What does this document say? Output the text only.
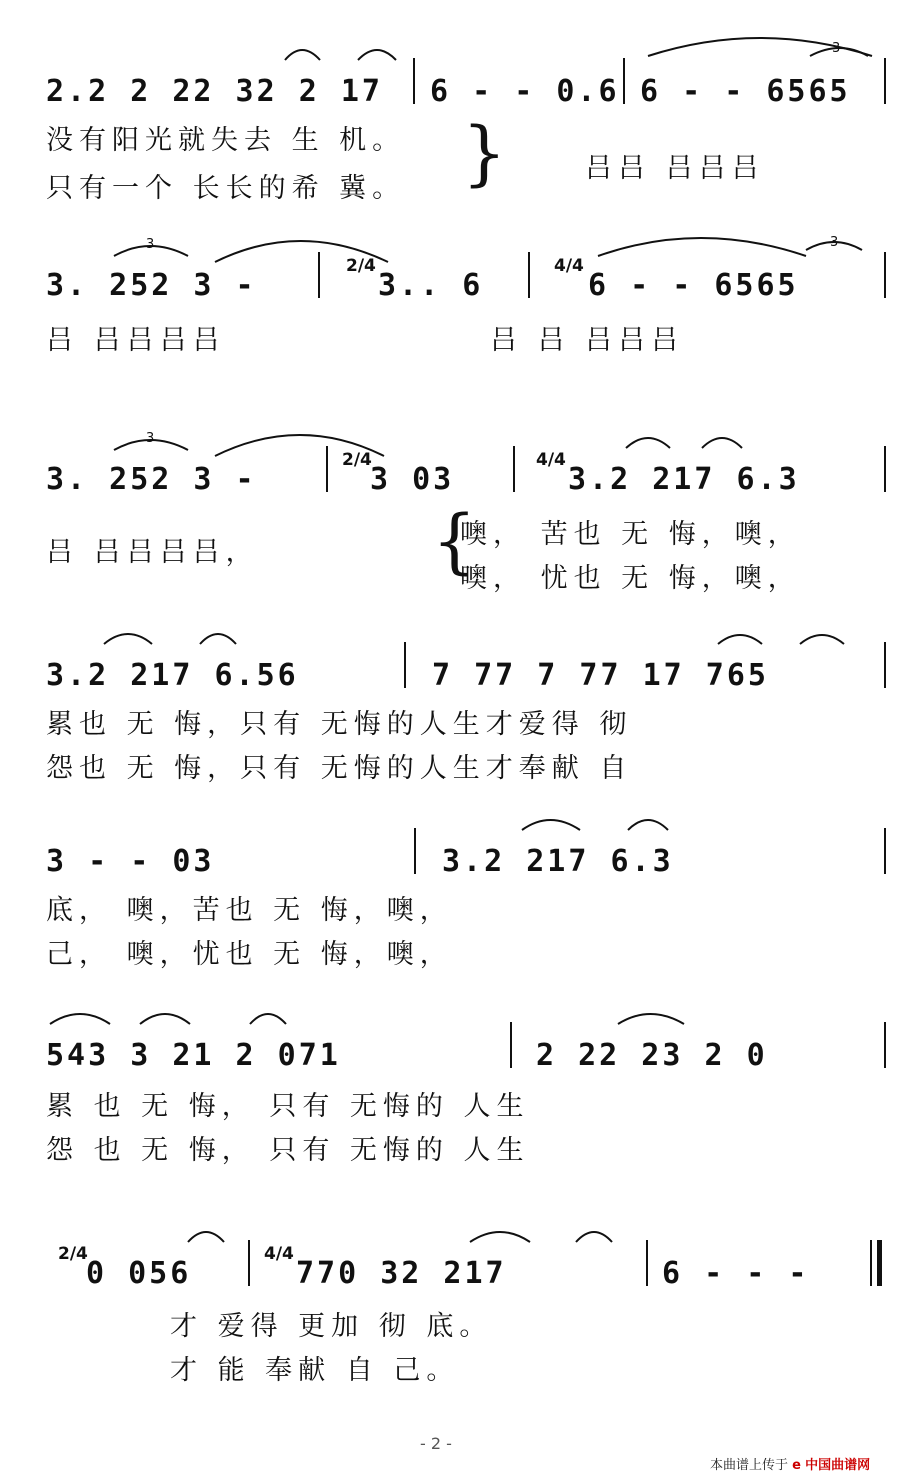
2.2 2 22 32 2 17 6 - - 0.6 6 - - 6565
没有阳光就失去 生 机。 }	吕吕 吕吕吕
只有一个 长长的希 冀。
3. 252 3 -
2/4
3.. 6
4/4
6 - - 6565
吕 吕吕吕吕	吕 吕 吕吕吕
3. 252 3 -
2/4
3 03
4/4
3.2 217 6.3
吕 吕吕吕吕， {
噢， 苦也 无 悔，噢，
噢， 忧也 无 悔，噢，
3.2 217 6.56	7 77 7 77 17 765
累也 无 悔，只有 无悔的人生才爱得 彻
怨也 无 悔，只有 无悔的人生才奉献 自
3 - - 03	3.2 217 6.3
底， 噢，苦也 无 悔，噢，
己， 噢，忧也 无 悔，噢，
543 3 21 2 071	2 22 23 2 0
累 也 无 悔， 只有 无悔的 人生
怨 也 无 悔， 只有 无悔的 人生
2/4
0 056
4/4
770 32 217	6 - - -
才 爱得 更加 彻 底。
才 能 奉献 自 己。
3
3	3
3
- 2 -
本曲谱上传于 e 中国曲谱网
